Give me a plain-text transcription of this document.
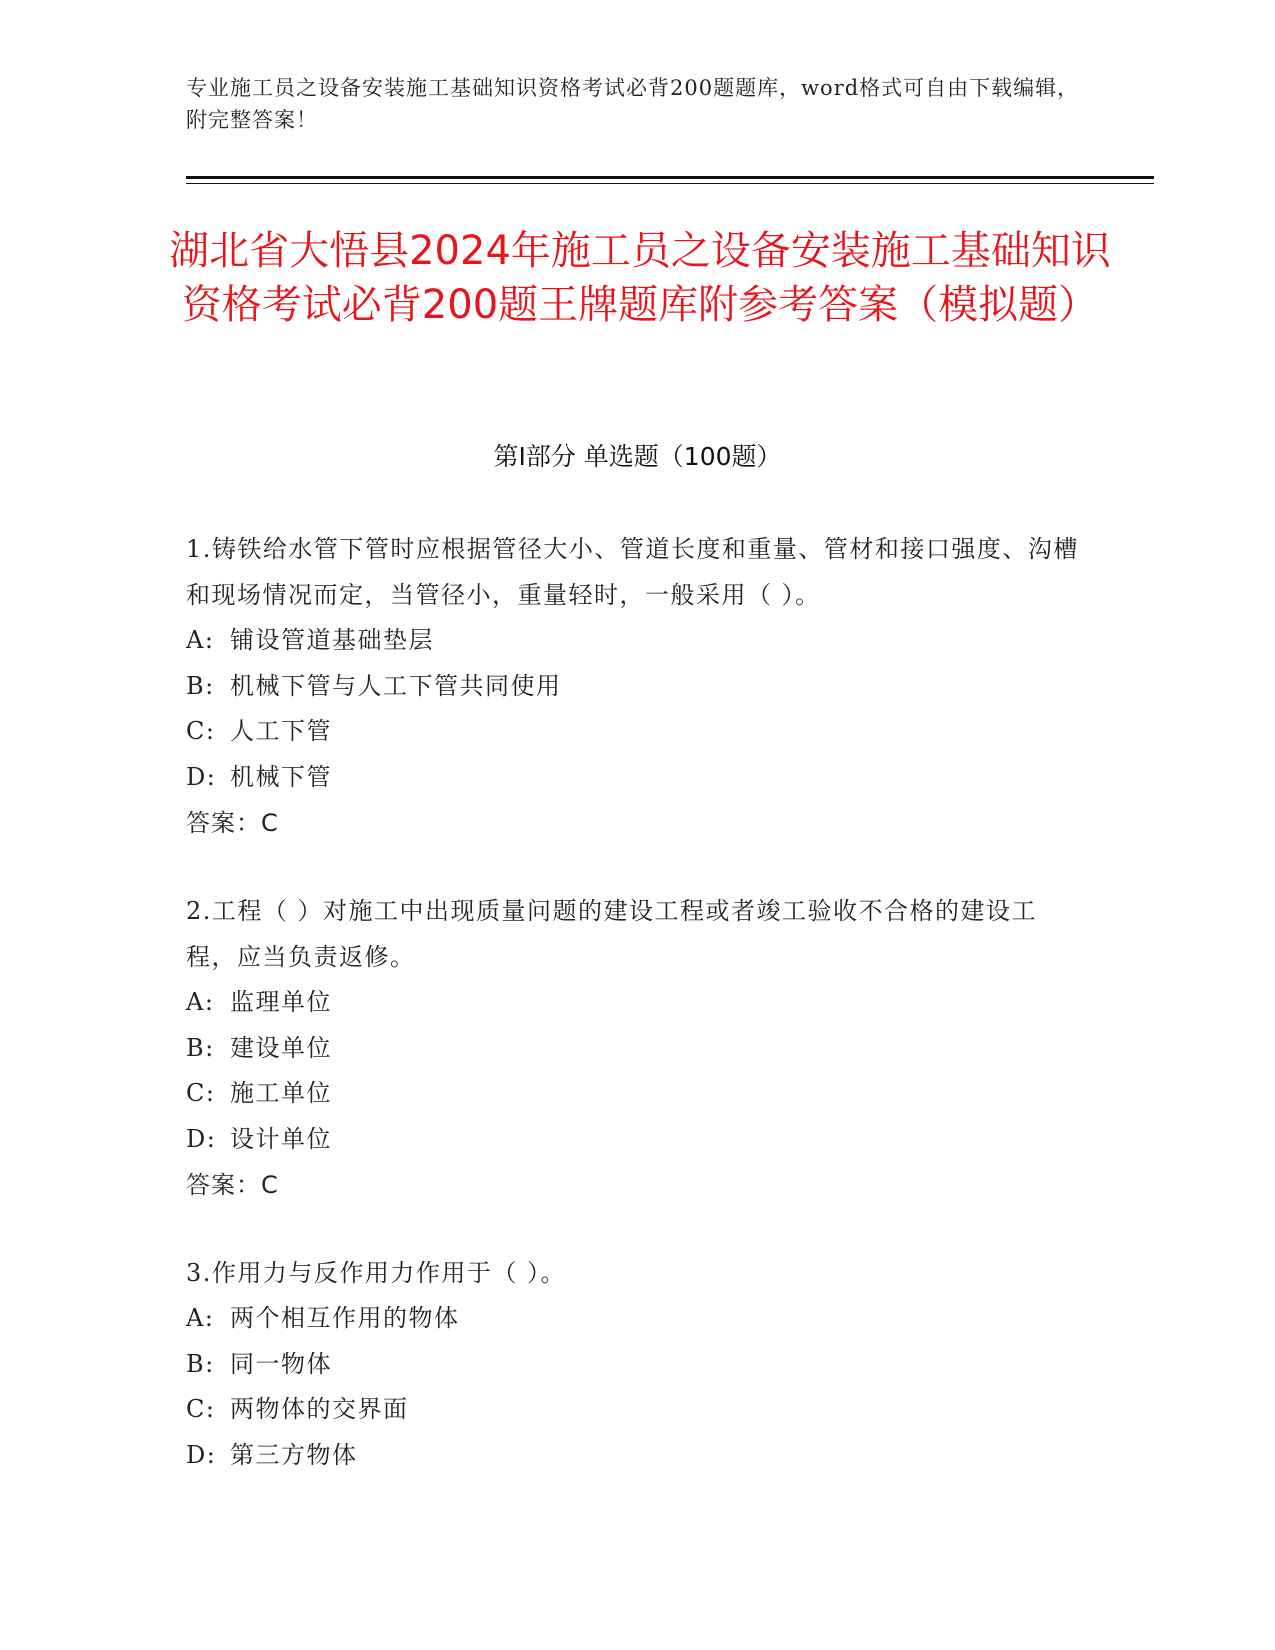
专业施工员之设备安装施工基础知识资格考试必背200题题库，word格式可自由下载编辑，附完整答案！
湖北省大悟县2024年施工员之设备安装施工基础知识资格考试必背200题王牌题库附参考答案（模拟题）
第Ⅰ部分 单选题（100题）
1.铸铁给水管下管时应根据管径大小、管道长度和重量、管材和接口强度、沟槽和现场情况而定，当管径小，重量轻时，一般采用（ ）。
A: 铺设管道基础垫层
B: 机械下管与人工下管共同使用
C: 人工下管
D: 机械下管
答案：C
2.工程（ ）对施工中出现质量问题的建设工程或者竣工验收不合格的建设工程，应当负责返修。
A: 监理单位
B: 建设单位
C: 施工单位
D: 设计单位
答案：C
3.作用力与反作用力作用于（ ）。
A: 两个相互作用的物体
B: 同一物体
C: 两物体的交界面
D: 第三方物体
